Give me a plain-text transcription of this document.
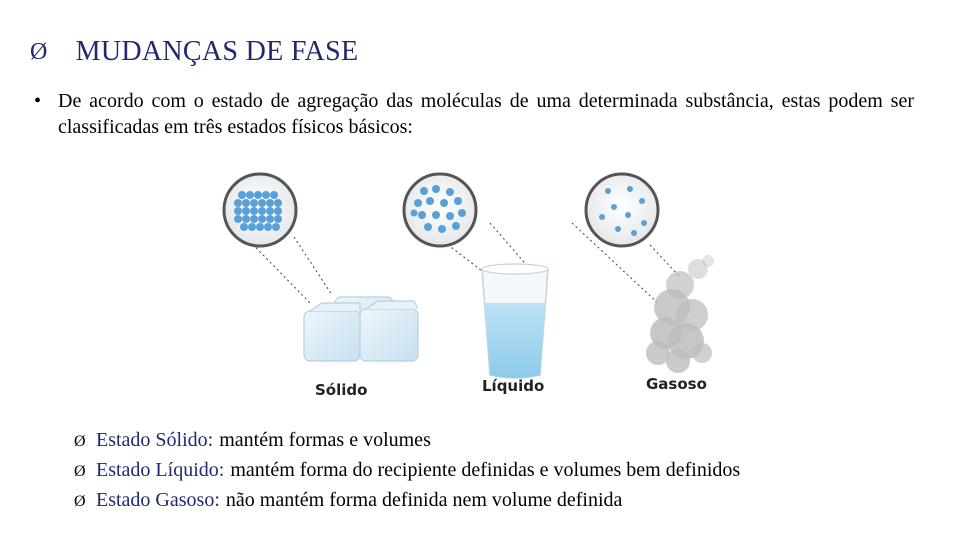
Ø MUDANÇAS DE FASE
• De acordo com o estado de agregação das moléculas de uma determinada substância, estas podem ser classificadas em três estados físicos básicos:
Sólido	Líquido	Gasoso
Ø Estado Sólido: mantém formas e volumes
Ø Estado Líquido: mantém forma do recipiente definidas e volumes bem definidos
Ø Estado Gasoso: não mantém forma definida nem volume definida
